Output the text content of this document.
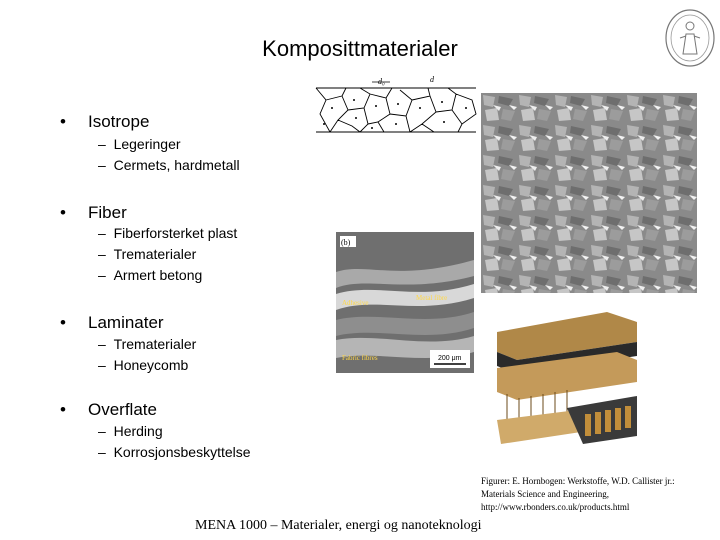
Komposittmaterialer
• Isotrope
– Legeringer
– Cermets, hardmetall
• Fiber
– Fiberforsterket plast
– Trematerialer
– Armert betong
• Laminater
– Trematerialer
– Honeycomb
• Overflate
– Herding
– Korrosjonsbeskyttelse
d₀	d
(b)
Adhesive
Metal fibre
Fabric fibres	200 μm
MENA 1000 – Materialer, energi og nanoteknologi
Figurer: E. Hornbogen: Werkstoffe, W.D. Callister jr.:
Materials Science and Engineering,
http://www.rbonders.co.uk/products.html
